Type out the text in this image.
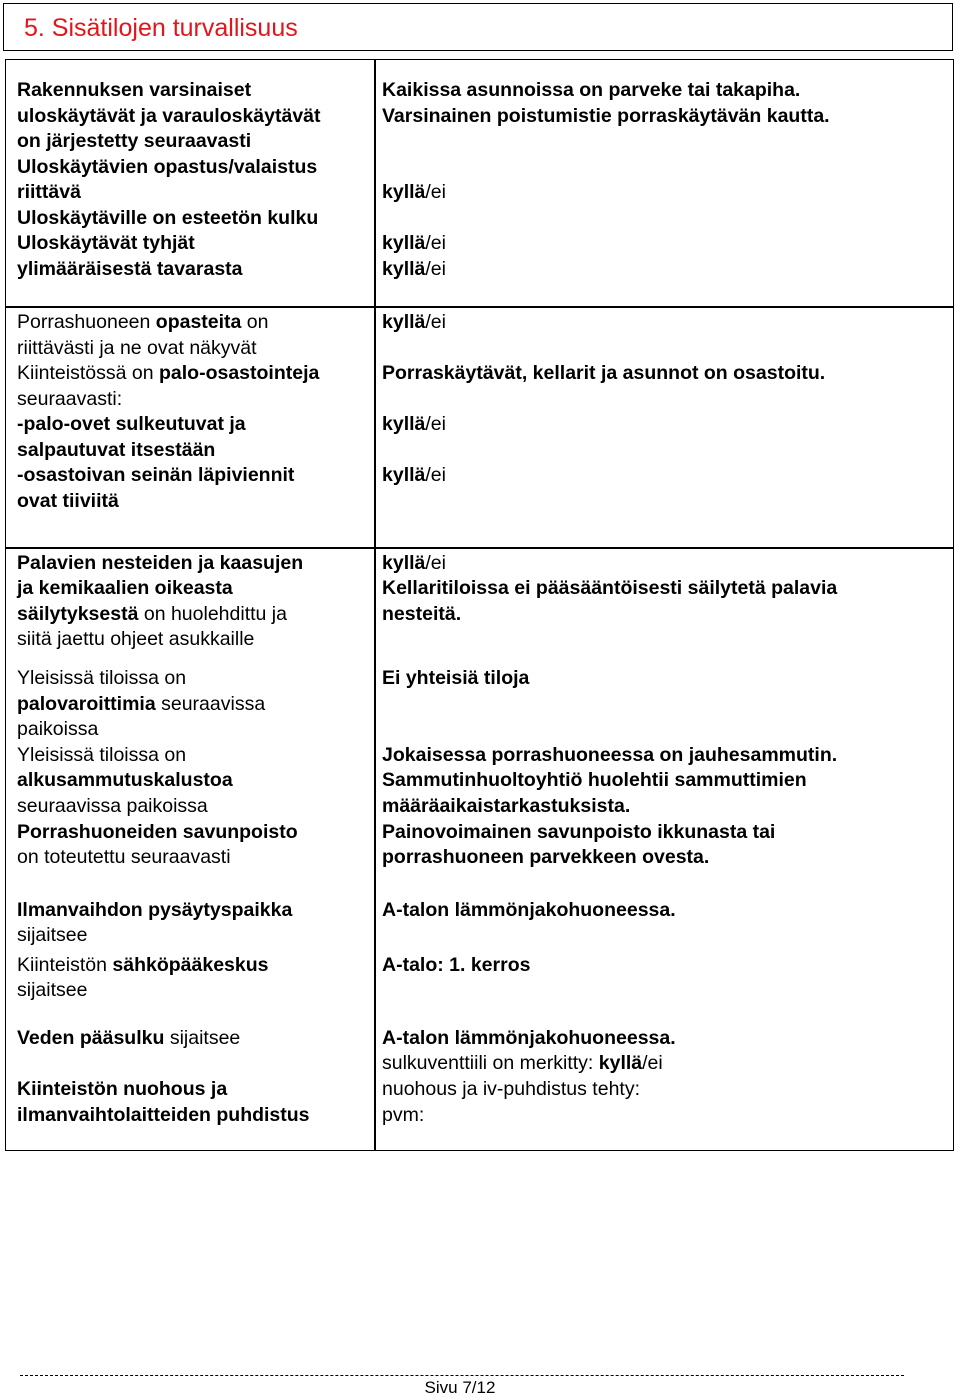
5. Sisätilojen turvallisuus
Rakennuksen varsinaiset
uloskäytävät ja varauloskäytävät
on järjestetty seuraavasti
Uloskäytävien opastus/valaistus
riittävä
Uloskäytäville on esteetön kulku
Uloskäytävät tyhjät
ylimääräisestä tavarasta
Kaikissa asunnoissa on parveke tai takapiha.
Varsinainen poistumistie porraskäytävän kautta.
kyllä/ei
kyllä/ei
kyllä/ei
Porrashuoneen opasteita on
riittävästi ja ne ovat näkyvät
Kiinteistössä on palo-osastointeja
seuraavasti:
-palo-ovet sulkeutuvat ja
salpautuvat itsestään
-osastoivan seinän läpiviennit
ovat tiiviitä
kyllä/ei
Porraskäytävät, kellarit ja asunnot on osastoitu.
kyllä/ei
kyllä/ei
Palavien nesteiden ja kaasujen
ja kemikaalien oikeasta
säilytyksestä on huolehdittu ja
siitä jaettu ohjeet asukkaille
kyllä/ei
Kellaritiloissa ei pääsääntöisesti säilytetä palavia
nesteitä.
Yleisissä tiloissa on
palovaroittimia seuraavissa
paikoissa
Yleisissä tiloissa on
alkusammutuskalustoa
seuraavissa paikoissa
Porrashuoneiden savunpoisto
on toteutettu seuraavasti
Ei yhteisiä tiloja
Jokaisessa porrashuoneessa on jauhesammutin.
Sammutinhuoltoyhtiö huolehtii sammuttimien
määräaikaistarkastuksista.
Painovoimainen savunpoisto ikkunasta tai
porrashuoneen parvekkeen ovesta.
Ilmanvaihdon pysäytyspaikka
sijaitsee
Kiinteistön sähköpääkeskus
sijaitsee
Veden pääsulku sijaitsee
Kiinteistön nuohous ja
ilmanvaihtolaitteiden puhdistus
A-talon lämmönjakohuoneessa.
A-talo: 1. kerros
A-talon lämmönjakohuoneessa.
sulkuventtiili on merkitty: kyllä/ei
nuohous ja iv-puhdistus tehty:
pvm:
Sivu 7/12
